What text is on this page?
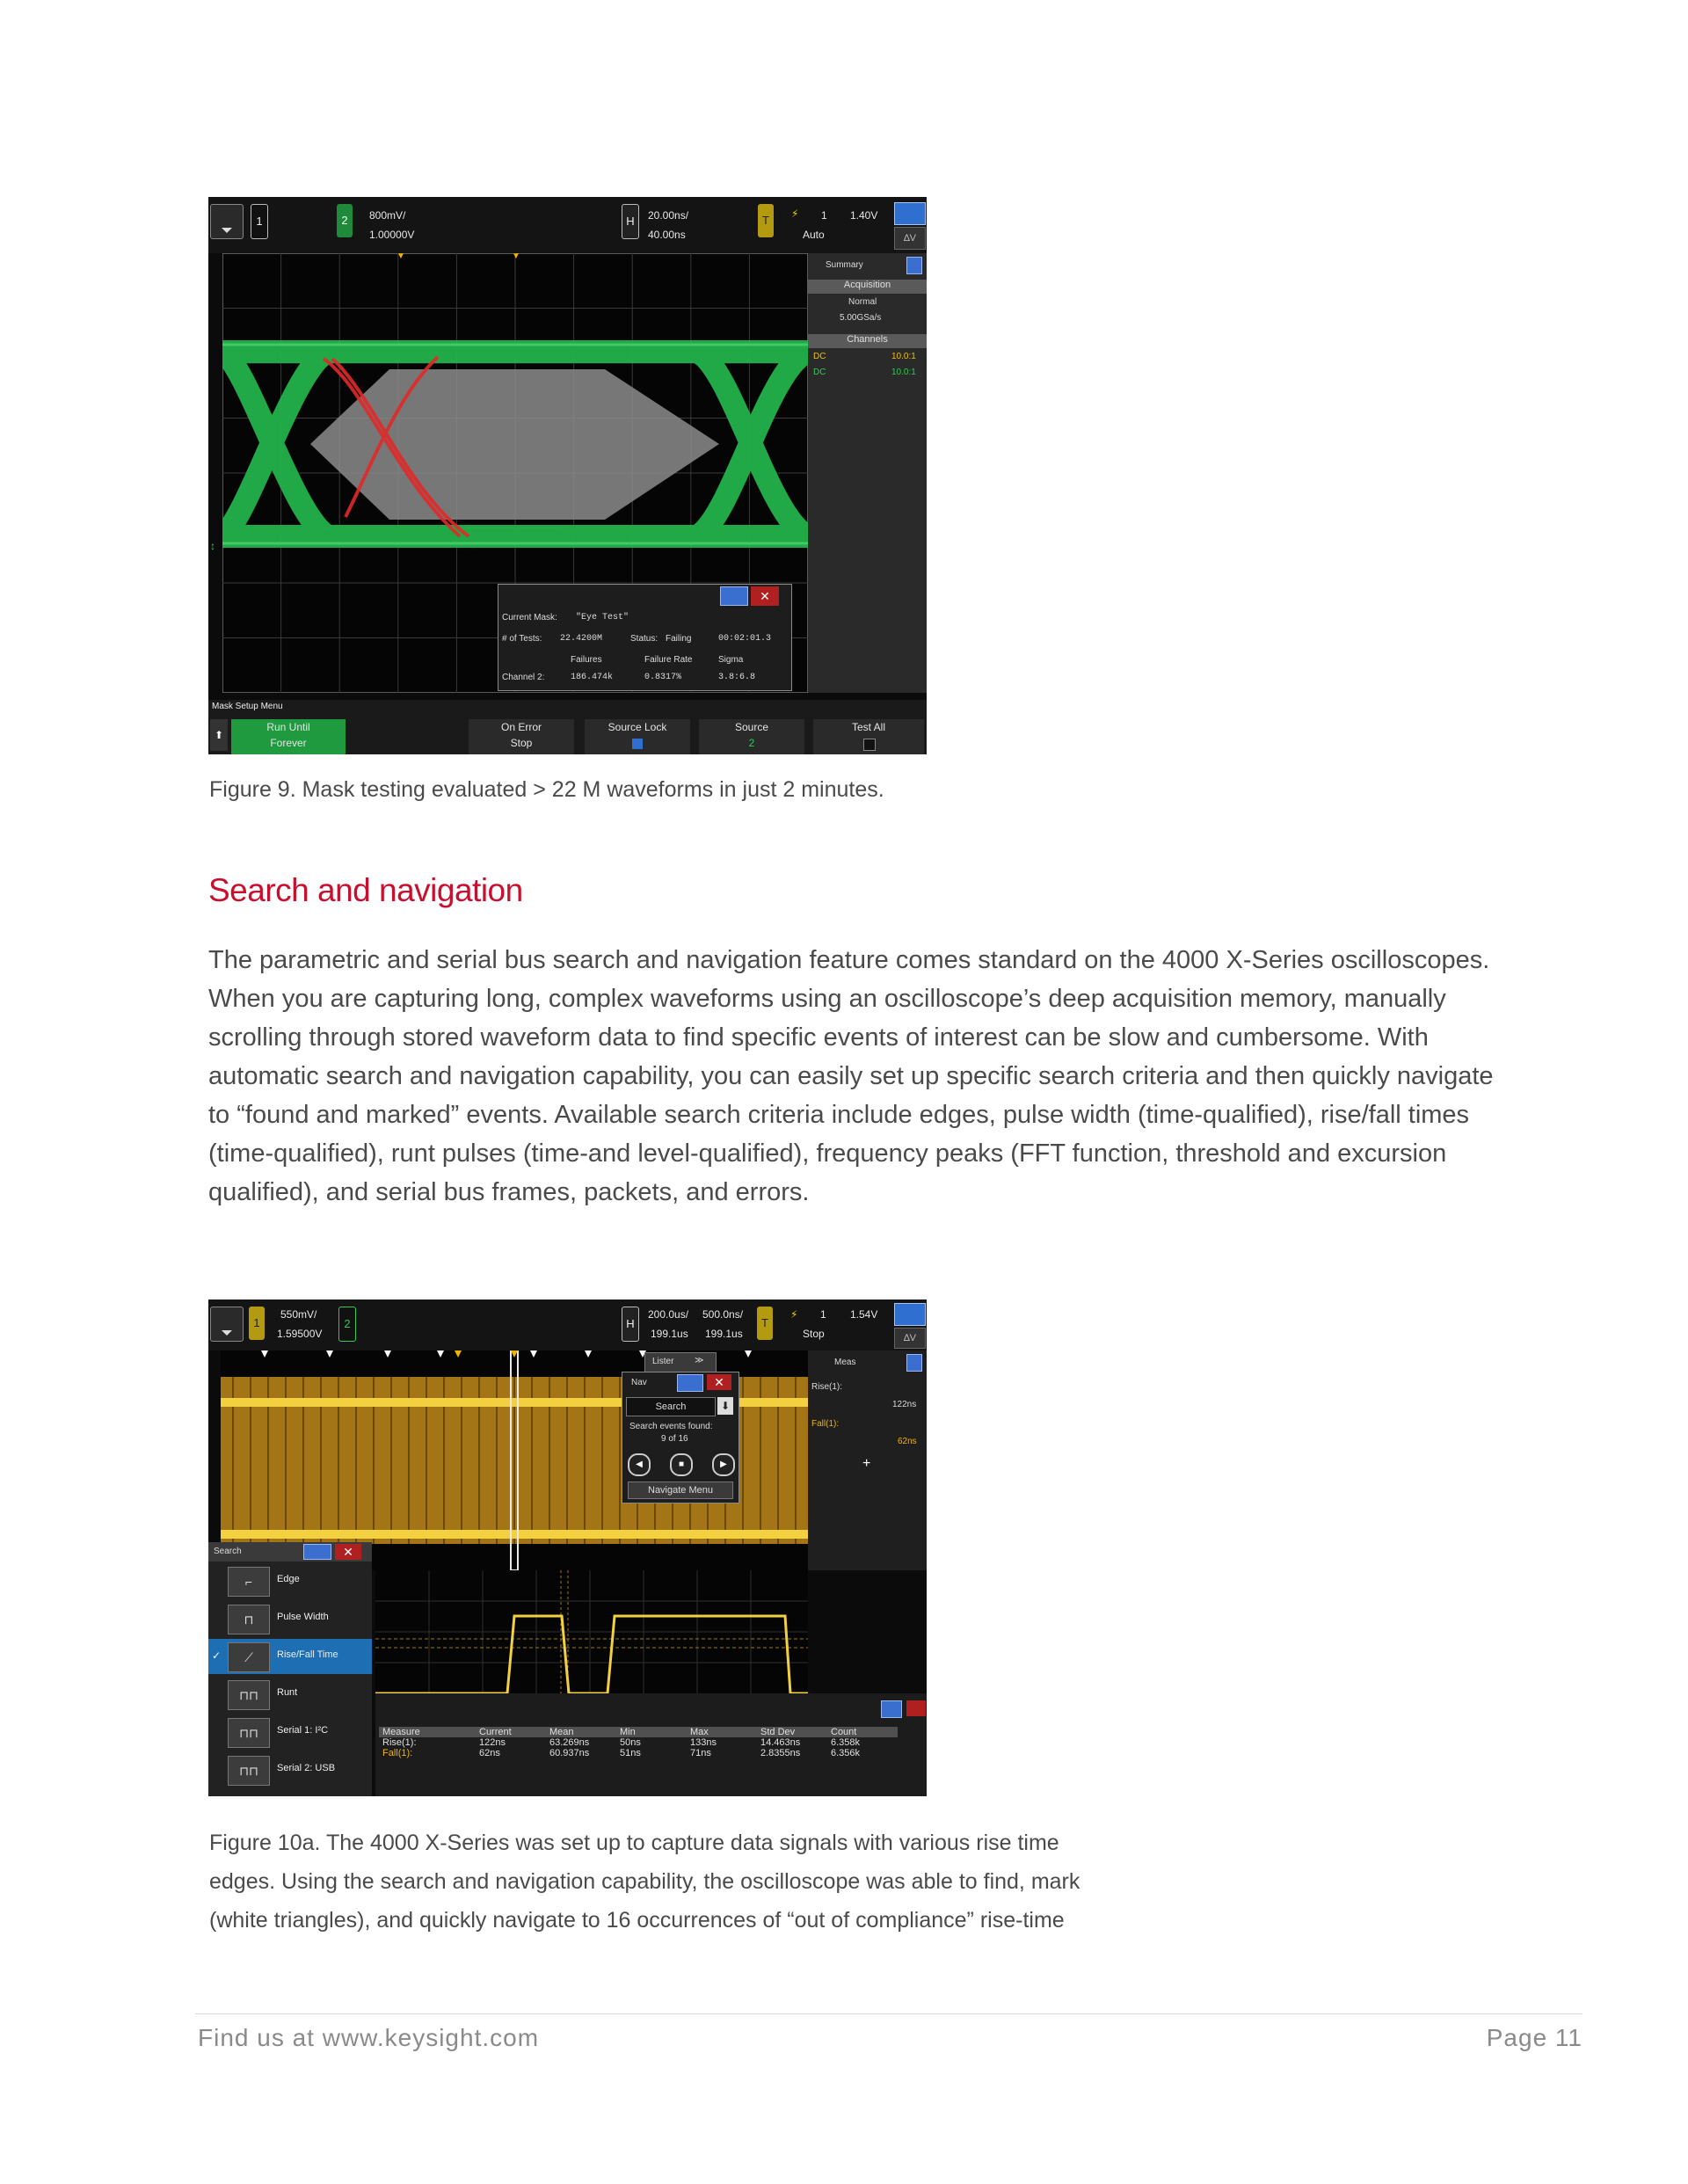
1	2	800mV/
1.00000V
H	20.00ns/
40.00ns
T	⚡ 1 1.40V
Auto	∆V
Summary
Acquisition
Normal
5.00GSa/s
Channels
DC	10.0:1
DC	10.0:1
▼	▼
↕
✕
Current Mask: "Eye Test"
# of Tests: 22.4200M	Status: Failing	00:02:01.3
Failures	Failure Rate	Sigma
Channel 2:	186.474k	0.8317%	3.8:6.8
Mask Setup Menu
⬆
Run Until
Forever
On Error
Stop
Source Lock	Source
2
Test All
Figure 9. Mask testing evaluated > 22 M waveforms in just 2 minutes.
Search and navigation
The parametric and serial bus search and navigation feature comes standard on the 4000 X-Series oscilloscopes. When you are capturing long, complex waveforms using an oscilloscope’s deep acquisition memory, manually scrolling through stored waveform data to find specific events of interest can be slow and cumbersome. With automatic search and navigation capability, you can easily set up specific search criteria and then quickly navigate to “found and marked” events. Available search criteria include edges, pulse width (time-qualified), rise/fall times (time-qualified), runt pulses (time-and level-qualified), frequency peaks (FFT function, threshold and excursion qualified), and serial bus frames, packets, and errors.
1
550mV/
1.59500V
2	H
200.0us/ 500.0ns/
199.1us 199.1us
T
⚡ 1 1.54V
Stop	∆V
Lister ≫
Nav	✕
Search	⬇
Search events found:
9 of 16
◀	■	▶
Navigate Menu
Meas
Rise(1):
122ns
Fall(1):
62ns
+
Search	✕
⌐	Edge
⊓	Pulse Width
✓	⟋	Rise/Fall Time
⊓⊓	Runt
⊓⊓	Serial 1: I²C
⊓⊓	Serial 2: USB
Measure	Current	Mean	Min	Max	Std Dev	Count
Rise(1):	122ns	63.269ns	50ns	133ns	14.463ns	6.358k
Fall(1):	62ns	60.937ns	51ns	71ns	2.8355ns	6.356k
Figure 10a. The 4000 X-Series was set up to capture data signals with various rise time
edges. Using the search and navigation capability, the oscilloscope was able to find, mark
(white triangles), and quickly navigate to 16 occurrences of “out of compliance” rise-time
Find us at www.keysight.com	Page 11
